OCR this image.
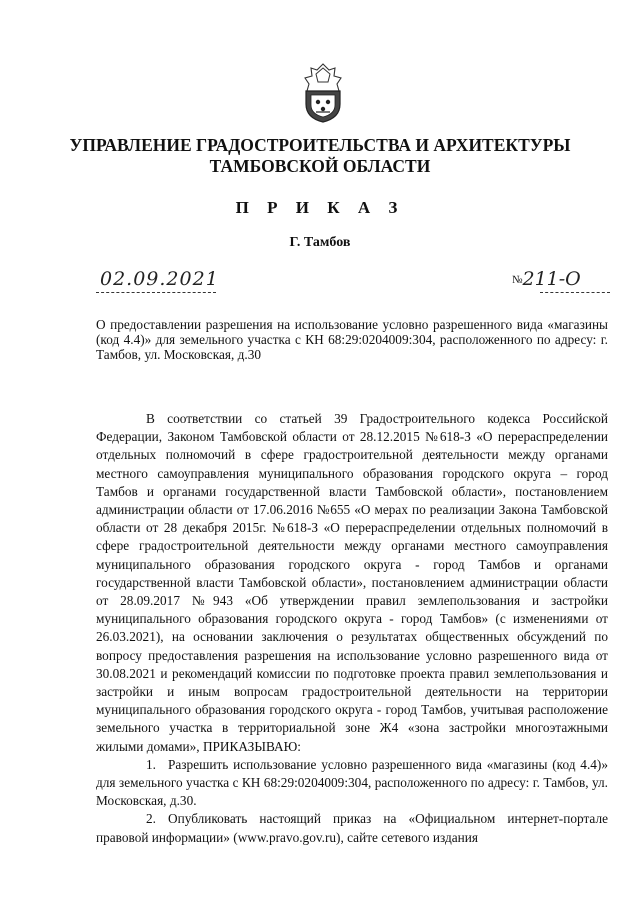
УПРАВЛЕНИЕ ГРАДОСТРОИТЕЛЬСТВА И АРХИТЕКТУРЫ
ТАМБОВСКОЙ ОБЛАСТИ
П Р И К А З
Г. Тамбов
02.09.2021	№211-О
О предоставлении разрешения на использование условно разрешенного вида «магазины (код 4.4)» для земельного участка с КН 68:29:0204009:304, расположенного по адресу: г. Тамбов, ул. Московская, д.30

В соответствии со статьей 39 Градостроительного кодекса Российской Федерации, Законом Тамбовской области от 28.12.2015 №618-З «О перераспределении отдельных полномочий в сфере градостроительной деятельности между органами местного самоуправления муниципального образования городского округа – город Тамбов и органами государственной власти Тамбовской области», постановлением администрации области от 17.06.2016 №655 «О мерах по реализации Закона Тамбовской области от 28 декабря 2015г. №618-З «О перераспределении отдельных полномочий в сфере градостроительной деятельности между органами местного самоуправления муниципального образования городского округа - город Тамбов и органами государственной власти Тамбовской области», постановлением администрации области от 28.09.2017 №943 «Об утверждении правил землепользования и застройки муниципального образования городского округа - город Тамбов» (с изменениями от 26.03.2021), на основании заключения о результатах общественных обсуждений по вопросу предоставления разрешения на использование условно разрешенного вида от 30.08.2021 и рекомендаций комиссии по подготовке проекта правил землепользования и застройки и иным вопросам градостроительной деятельности на территории муниципального образования городского округа - город Тамбов, учитывая расположение земельного участка в территориальной зоне Ж4 «зона застройки многоэтажными жилыми домами», ПРИКАЗЫВАЮ:

1. Разрешить использование условно разрешенного вида «магазины (код 4.4)» для земельного участка с КН 68:29:0204009:304, расположенного по адресу: г. Тамбов, ул. Московская, д.30.
2. Опубликовать настоящий приказ на «Официальном интернет-портале правовой информации» (www.pravo.gov.ru), сайте сетевого издания
